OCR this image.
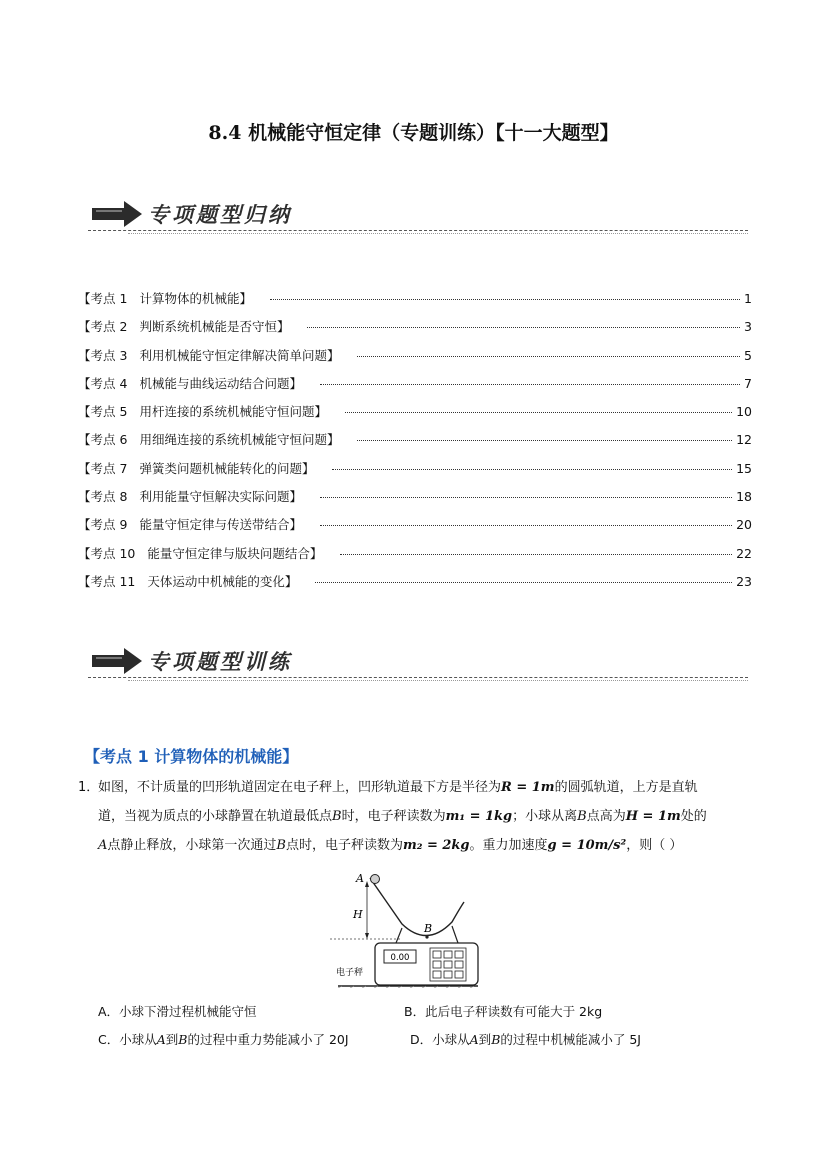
8.4 机械能守恒定律（专题训练）【十一大题型】
专项题型归纳
【考点 1 计算物体的机械能】	1
【考点 2 判断系统机械能是否守恒】	3
【考点 3 利用机械能守恒定律解决简单问题】	5
【考点 4 机械能与曲线运动结合问题】	7
【考点 5 用杆连接的系统机械能守恒问题】	10
【考点 6 用细绳连接的系统机械能守恒问题】	12
【考点 7 弹簧类问题机械能转化的问题】	15
【考点 8 利用能量守恒解决实际问题】	18
【考点 9 能量守恒定律与传送带结合】	20
【考点 10 能量守恒定律与版块问题结合】	22
【考点 11 天体运动中机械能的变化】	23
专项题型训练
【考点 1 计算物体的机械能】
1．

如图，不计质量的凹形轨道固定在电子秤上，凹形轨道最下方是半径为R = 1m的圆弧轨道，上方是直轨

道，当视为质点的小球静置在轨道最低点B时，电子秤读数为m₁ = 1kg；小球从离B点高为H = 1m处的

A点静止释放，小球第一次通过B点时，电子秤读数为m₂ = 2kg。重力加速度g = 10m/s²，则（ ）

0.00
电子秤
A
H
B
A．小球下滑过程机械能守恒	B．此后电子秤读数有可能大于 2kg
C．小球从A到B的过程中重力势能减小了 20J	D．小球从A到B的过程中机械能减小了 5J
